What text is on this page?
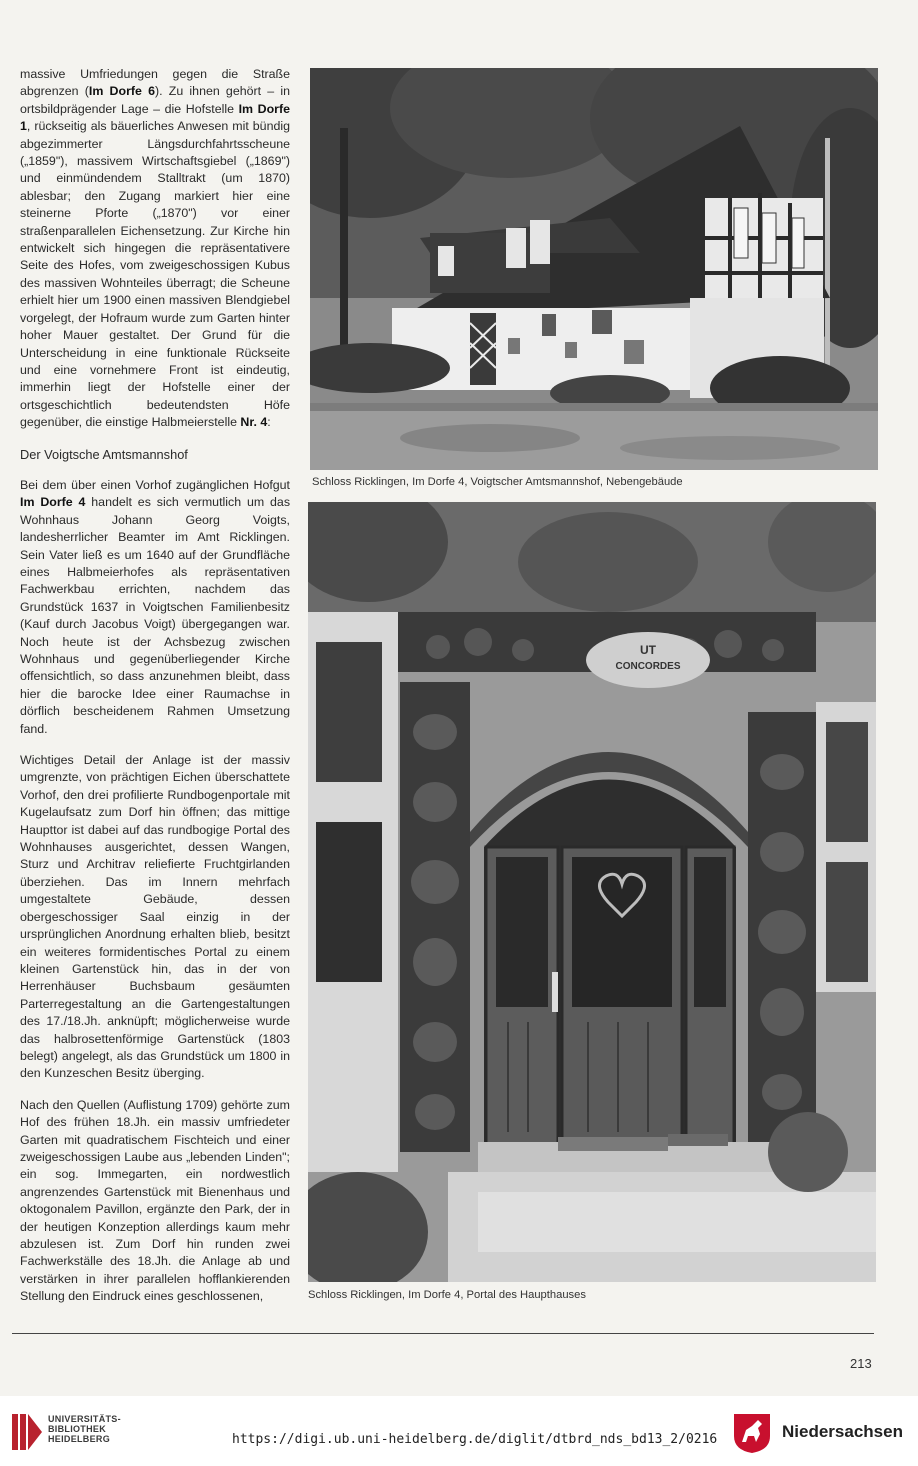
massive Umfriedungen gegen die Straße abgrenzen (Im Dorfe 6). Zu ihnen gehört – in ortsbildprägender Lage – die Hofstelle Im Dorfe 1, rückseitig als bäuerliches Anwesen mit bündig abgezimmerter Längsdurchfahrtsscheune („1859"), massivem Wirtschaftsgiebel („1869") und einmündendem Stalltrakt (um 1870) ablesbar; den Zugang markiert hier eine steinerne Pforte („1870") vor einer straßenparallelen Eichensetzung. Zur Kirche hin entwickelt sich hingegen die repräsentativere Seite des Hofes, vom zweigeschossigen Kubus des massiven Wohnteiles überragt; die Scheune erhielt hier um 1900 einen massiven Blendgiebel vorgelegt, der Hofraum wurde zum Garten hinter hoher Mauer gestaltet. Der Grund für die Unterscheidung in eine funktionale Rückseite und eine vornehmere Front ist eindeutig, immerhin liegt der Hofstelle einer der ortsgeschichtlich bedeutendsten Höfe gegenüber, die einstige Halbmeierstelle Nr. 4:

Der Voigtsche Amtsmannshof

Bei dem über einen Vorhof zugänglichen Hofgut Im Dorfe 4 handelt es sich vermutlich um das Wohnhaus Johann Georg Voigts, landesherrlicher Beamter im Amt Ricklingen. Sein Vater ließ es um 1640 auf der Grundfläche eines Halbmeierhofes als repräsentativen Fachwerkbau errichten, nachdem das Grundstück 1637 in Voigtschen Familienbesitz (Kauf durch Jacobus Voigt) übergegangen war. Noch heute ist der Achsbezug zwischen Wohnhaus und gegenüberliegender Kirche offensichtlich, so dass anzunehmen bleibt, dass hier die barocke Idee einer Raumachse in dörflich bescheidenem Rahmen Umsetzung fand.

Wichtiges Detail der Anlage ist der massiv umgrenzte, von prächtigen Eichen überschattete Vorhof, den drei profilierte Rundbogenportale mit Kugelaufsatz zum Dorf hin öffnen; das mittige Haupttor ist dabei auf das rundbogige Portal des Wohnhauses ausgerichtet, dessen Wangen, Sturz und Architrav reliefierte Fruchtgirlanden überziehen. Das im Innern mehrfach umgestaltete Gebäude, dessen obergeschossiger Saal einzig in der ursprünglichen Anordnung erhalten blieb, besitzt ein weiteres formidentisches Portal zu einem kleinen Gartenstück hin, das in der von Herrenhäuser Buchsbaum gesäumten Parterregestaltung an die Gartengestaltungen des 17./18.Jh. anknüpft; möglicherweise wurde das halbrosettenförmige Gartenstück (1803 belegt) angelegt, als das Grundstück um 1800 in den Kunzeschen Besitz überging.

Nach den Quellen (Auflistung 1709) gehörte zum Hof des frühen 18.Jh. ein massiv umfriedeter Garten mit quadratischem Fischteich und einer zweigeschossigen Laube aus „lebenden Linden"; ein sog. Immegarten, ein nordwestlich angrenzendes Gartenstück mit Bienenhaus und oktogonalem Pavillon, ergänzte den Park, der in der heutigen Konzeption allerdings kaum mehr abzulesen ist. Zum Dorf hin runden zwei Fachwerkställe des 18.Jh. die Anlage ab und verstärken in ihrer parallelen hofflankierenden Stellung den Eindruck eines geschlossenen,

Schloss Ricklingen, Im Dorfe 4, Voigtscher Amtsmannshof, Nebengebäude
UT
CONCORDES
Schloss Ricklingen, Im Dorfe 4, Portal des Haupthauses
213
UNIVERSITÄTS-
BIBLIOTHEK
HEIDELBERG	https://digi.ub.uni-heidelberg.de/diglit/dtbrd_nds_bd13_2/0216	Niedersachsen
